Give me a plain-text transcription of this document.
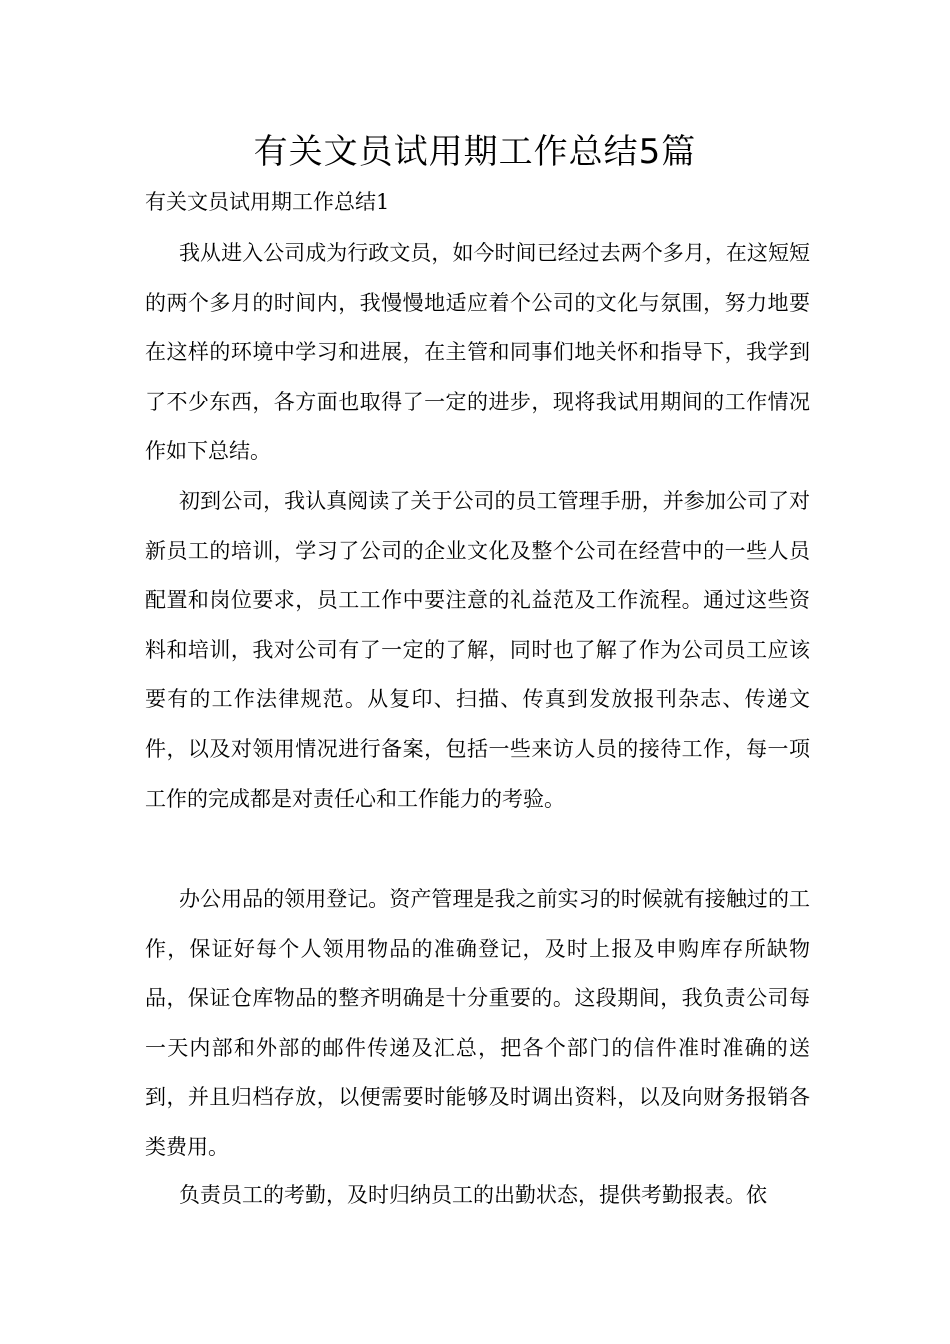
有关文员试用期工作总结5篇
有关文员试用期工作总结1

我从进入公司成为行政文员，如今时间已经过去两个多月，在这短短的两个多月的时间内，我慢慢地适应着个公司的文化与氛围，努力地要在这样的环境中学习和进展，在主管和同事们地关怀和指导下，我学到了不少东西，各方面也取得了一定的进步，现将我试用期间的工作情况作如下总结。

初到公司，我认真阅读了关于公司的员工管理手册，并参加公司了对新员工的培训，学习了公司的企业文化及整个公司在经营中的一些人员配置和岗位要求，员工工作中要注意的礼益范及工作流程。通过这些资料和培训，我对公司有了一定的了解，同时也了解了作为公司员工应该要有的工作法律规范。从复印、扫描、传真到发放报刊杂志、传递文件，以及对领用情况进行备案，包括一些来访人员的接待工作，每一项工作的完成都是对责任心和工作能力的考验。

办公用品的领用登记。资产管理是我之前实习的时候就有接触过的工作，保证好每个人领用物品的准确登记，及时上报及申购库存所缺物品，保证仓库物品的整齐明确是十分重要的。这段期间，我负责公司每一天内部和外部的邮件传递及汇总，把各个部门的信件准时准确的送到，并且归档存放，以便需要时能够及时调出资料，以及向财务报销各类费用。

负责员工的考勤，及时归纳员工的出勤状态，提供考勤报表。依
